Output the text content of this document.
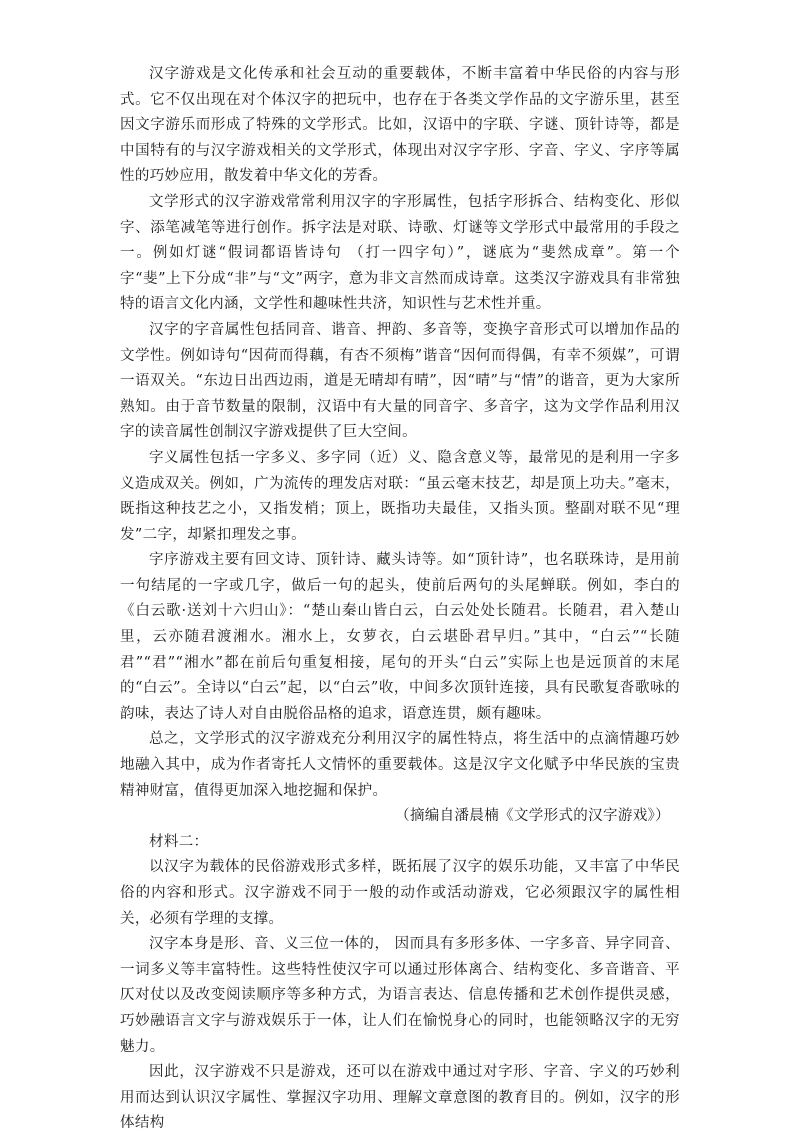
汉字游戏是文化传承和社会互动的重要载体，不断丰富着中华民俗的内容与形式。它不仅出现在对个体汉字的把玩中，也存在于各类文学作品的文字游乐里，甚至因文字游乐而形成了特殊的文学形式。比如，汉语中的字联、字谜、顶针诗等，都是中国特有的与汉字游戏相关的文学形式，体现出对汉字字形、字音、字义、字序等属性的巧妙应用，散发着中华文化的芳香。

文学形式的汉字游戏常常利用汉字的字形属性，包括字形拆合、结构变化、形似字、添笔减笔等进行创作。拆字法是对联、诗歌、灯谜等文学形式中最常用的手段之一。例如灯谜“假词都语皆诗句 （打一四字句）”，谜底为“斐然成章”。第一个字“斐”上下分成“非”与“文”两字，意为非文言然而成诗章。这类汉字游戏具有非常独特的语言文化内涵，文学性和趣味性共济，知识性与艺术性并重。

汉字的字音属性包括同音、谐音、押韵、多音等，变换字音形式可以增加作品的文学性。例如诗句“因荷而得藕，有杏不须梅”谐音“因何而得偶，有幸不须媒”，可谓一语双关。“东边日出西边雨，道是无晴却有晴”，因“晴”与“情”的谐音，更为大家所熟知。由于音节数量的限制，汉语中有大量的同音字、多音字，这为文学作品利用汉字的读音属性创制汉字游戏提供了巨大空间。

字义属性包括一字多义、多字同（近）义、隐含意义等，最常见的是利用一字多义造成双关。例如，广为流传的理发店对联：“虽云毫末技艺，却是顶上功夫。”毫末，既指这种技艺之小，又指发梢；顶上，既指功夫最佳，又指头顶。整副对联不见“理发”二字，却紧扣理发之事。

字序游戏主要有回文诗、顶针诗、藏头诗等。如“顶针诗”，也名联珠诗，是用前一句结尾的一字或几字，做后一句的起头，使前后两句的头尾蝉联。例如，李白的《白云歌·送刘十六归山》：“楚山秦山皆白云，白云处处长随君。长随君，君入楚山里，云亦随君渡湘水。湘水上，女萝衣，白云堪卧君早归。”其中，“白云”“长随君”“君”“湘水”都在前后句重复相接，尾句的开头“白云”实际上也是远顶首的末尾的“白云”。全诗以“白云”起，以“白云”收，中间多次顶针连接，具有民歌复沓歌咏的韵味，表达了诗人对自由脱俗品格的追求，语意连贯，颇有趣味。

总之，文学形式的汉字游戏充分利用汉字的属性特点，将生活中的点滴情趣巧妙地融入其中，成为作者寄托人文情怀的重要载体。这是汉字文化赋予中华民族的宝贵精神财富，值得更加深入地挖掘和保护。

（摘编自潘晨楠《文学形式的汉字游戏》）

材料二：

以汉字为载体的民俗游戏形式多样，既拓展了汉字的娱乐功能，又丰富了中华民俗的内容和形式。汉字游戏不同于一般的动作或活动游戏，它必须跟汉字的属性相关，必须有学理的支撑。

汉字本身是形、音、义三位一体的， 因而具有多形多体、一字多音、异字同音、一词多义等丰富特性。这些特性使汉字可以通过形体离合、结构变化、多音谐音、平仄对仗以及改变阅读顺序等多种方式，为语言表达、信息传播和艺术创作提供灵感，巧妙融语言文字与游戏娱乐于一体，让人们在愉悦身心的同时，也能领略汉字的无穷魅力。

因此，汉字游戏不只是游戏，还可以在游戏中通过对字形、字音、字义的巧妙利用而达到认识汉字属性、掌握汉字功用、理解文章意图的教育目的。例如，汉字的形体结构
